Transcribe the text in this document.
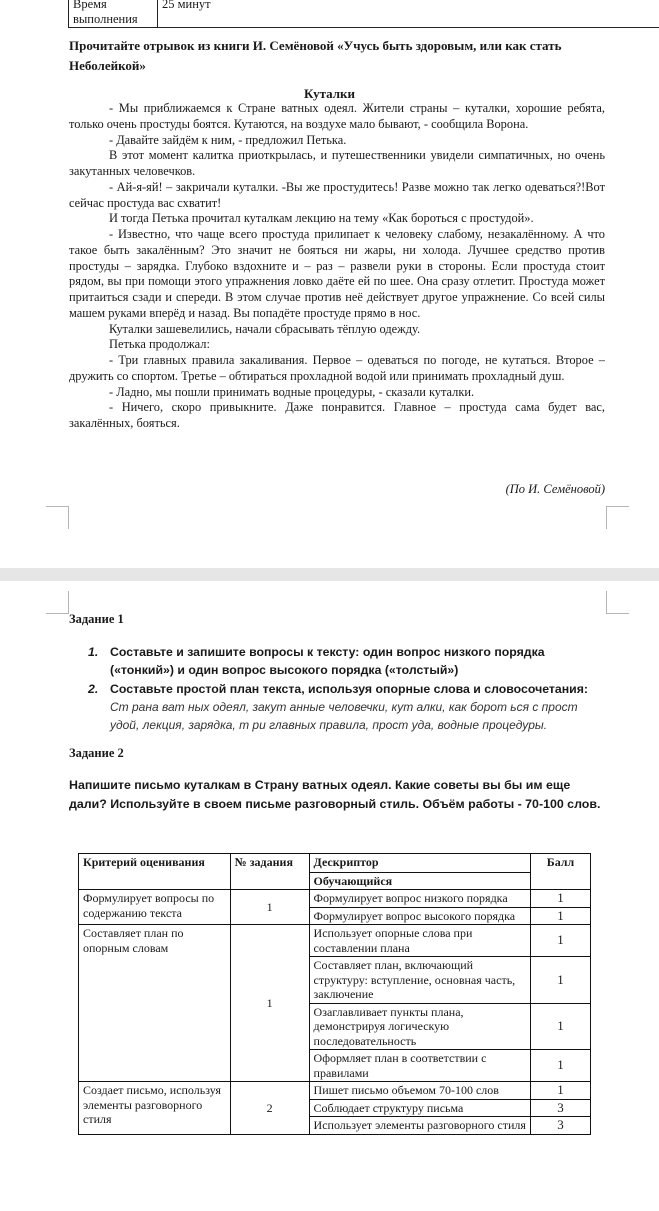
Время выполнения	25 минут
Прочитайте отрывок из книги И. Семёновой «Учусь быть здоровым, или как стать Неболейкой»
Куталки

- Мы приближаемся к Стране ватных одеял. Жители страны – куталки, хорошие ребята, только очень простуды боятся. Кутаются, на воздухе мало бывают, - сообщила Ворона.

- Давайте зайдём к ним, - предложил Петька.

В этот момент калитка приоткрылась, и путешественники увидели симпатичных, но очень закутанных человечков.

- Ай-я-яй! – закричали куталки. -Вы же простудитесь! Разве можно так легко одеваться?!Вот сейчас простуда вас схватит!

И тогда Петька прочитал куталкам лекцию на тему «Как бороться с простудой».

- Известно, что чаще всего простуда прилипает к человеку слабому, незакалённому. А что такое быть закалённым? Это значит не бояться ни жары, ни холода. Лучшее средство против простуды – зарядка. Глубоко вздохните и – раз – развели руки в стороны. Если простуда стоит рядом, вы при помощи этого упражнения ловко даёте ей по шее. Она сразу отлетит. Простуда может притаиться сзади и спереди. В этом случае против неё действует другое упражнение. Со всей силы машем руками вперёд и назад. Вы попадёте простуде прямо в нос.

Куталки зашевелились, начали сбрасывать тёплую одежду.

Петька продолжал:

- Три главных правила закаливания. Первое – одеваться по погоде, не кутаться. Второе – дружить со спортом. Третье – обтираться прохладной водой или принимать прохладный душ.

- Ладно, мы пошли принимать водные процедуры, - сказали куталки.

- Ничего, скоро привыкните. Даже понравится. Главное – простуда сама будет вас, закалённых, бояться.

(По И. Семёновой)
Задание 1
1. Составьте и запишите вопросы к тексту: один вопрос низкого порядка («тонкий») и один вопрос высокого порядка («толстый»)
2. Составьте простой план текста, используя опорные слова и словосочетания:
Ст рана ват ных одеял, закут анные человечки, кут алки, как борот ься с прост удой, лекция, зарядка, т ри главных правила, прост уда, водные процедуры.
Задание 2
Напишите письмо куталкам в Страну ватных одеял. Какие советы вы бы им еще дали? Используйте в своем письме разговорный стиль. Объём работы - 70-100 слов.
Критерий оценивания	№ задания	Дескриптор	Балл
		Обучающийся	
Формулирует вопросы по содержанию текста	1	Формулирует вопрос низкого порядка	1
		Формулирует вопрос высокого порядка	1
Составляет план по опорным словам	1	Использует опорные слова при составлении плана	1
		Составляет план, включающий структуру: вступление, основная часть, заключение	1
		Озаглавливает пункты плана, демонстрируя логическую последовательность	1
		Оформляет план в соответствии с правилами	1
Создает письмо, используя элементы разговорного стиля	2	Пишет письмо объемом 70-100 слов	1
		Соблюдает структуру письма	3
		Использует элементы разговорного стиля	3
